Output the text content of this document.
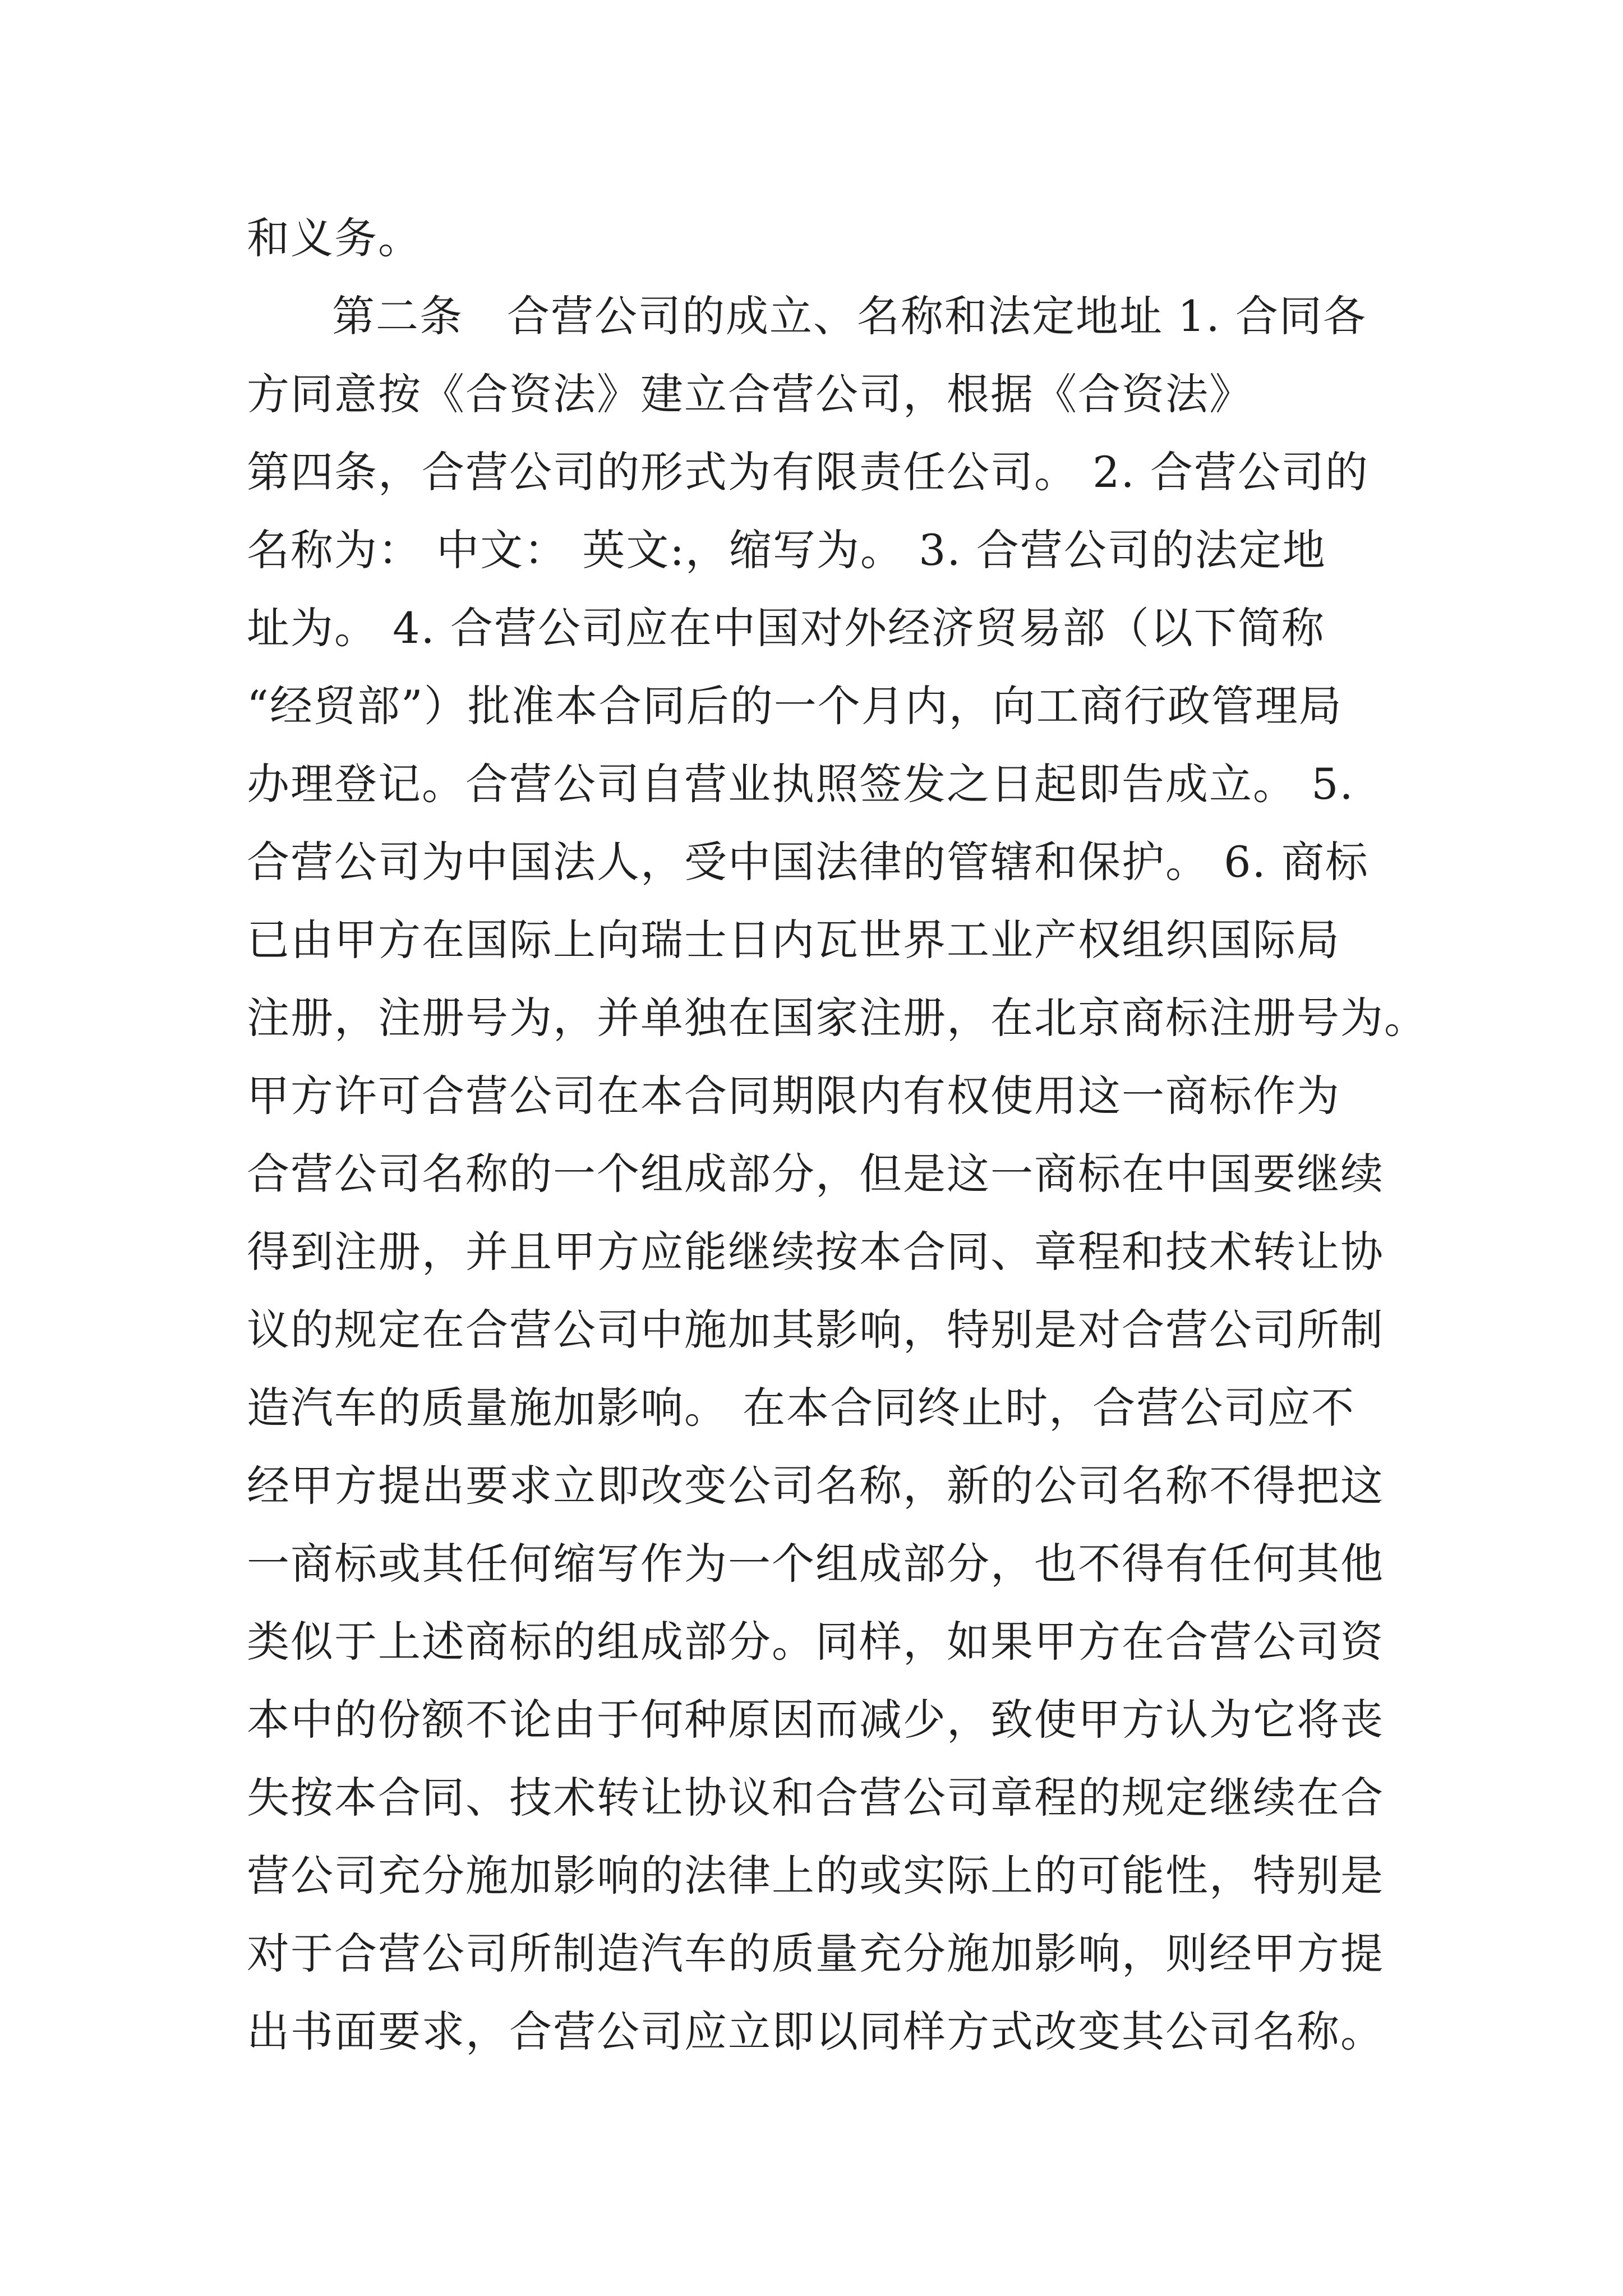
和义务。
第二条　合营公司的成立、名称和法定地址 1. 合同各
方同意按《合资法》建立合营公司，根据《合资法》
第四条，合营公司的形式为有限责任公司。 2. 合营公司的
名称为： 中文： 英文:，缩写为。 3. 合营公司的法定地
址为。 4. 合营公司应在中国对外经济贸易部（以下简称
“经贸部”）批准本合同后的一个月内，向工商行政管理局
办理登记。合营公司自营业执照签发之日起即告成立。 5.
合营公司为中国法人，受中国法律的管辖和保护。 6. 商标
已由甲方在国际上向瑞士日内瓦世界工业产权组织国际局
注册，注册号为，并单独在国家注册，在北京商标注册号为。
甲方许可合营公司在本合同期限内有权使用这一商标作为
合营公司名称的一个组成部分，但是这一商标在中国要继续
得到注册，并且甲方应能继续按本合同、章程和技术转让协
议的规定在合营公司中施加其影响，特别是对合营公司所制
造汽车的质量施加影响。 在本合同终止时，合营公司应不
经甲方提出要求立即改变公司名称，新的公司名称不得把这
一商标或其任何缩写作为一个组成部分，也不得有任何其他
类似于上述商标的组成部分。同样，如果甲方在合营公司资
本中的份额不论由于何种原因而减少，致使甲方认为它将丧
失按本合同、技术转让协议和合营公司章程的规定继续在合
营公司充分施加影响的法律上的或实际上的可能性，特别是
对于合营公司所制造汽车的质量充分施加影响，则经甲方提
出书面要求，合营公司应立即以同样方式改变其公司名称。
